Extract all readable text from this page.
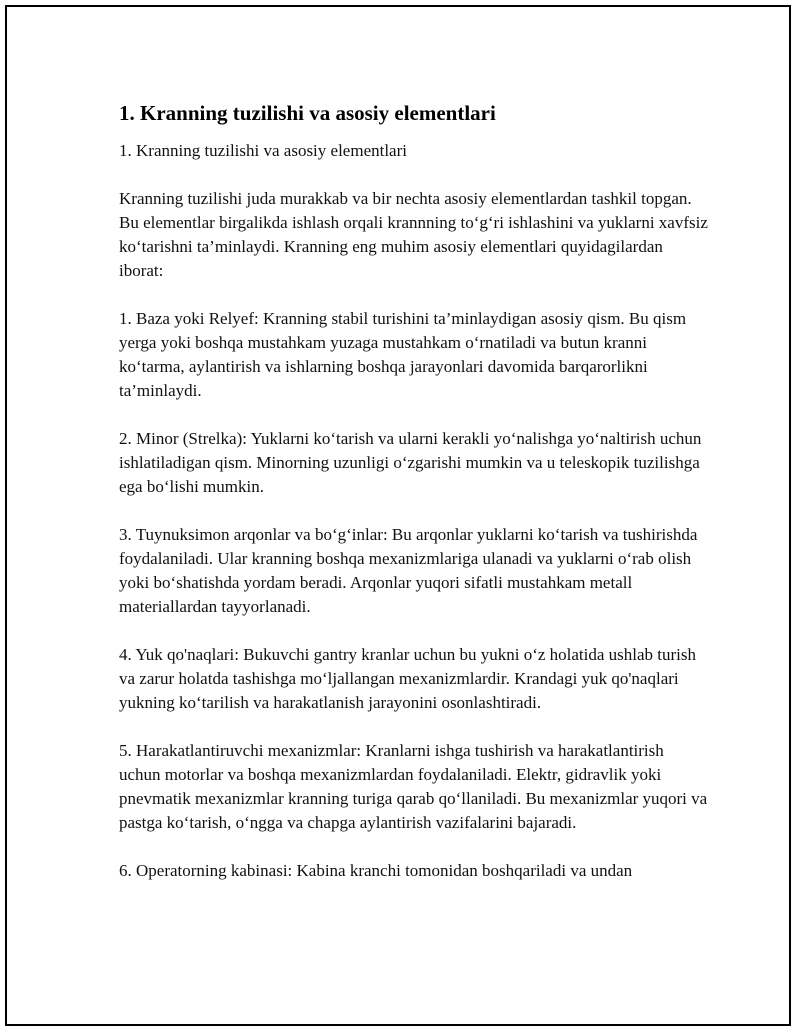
1. Kranning tuzilishi va asosiy elementlari

1. Kranning tuzilishi va asosiy elementlari

Kranning tuzilishi juda murakkab va bir nechta asosiy elementlardan tashkil topgan. Bu elementlar birgalikda ishlash orqali krannning to‘g‘ri ishlashini va yuklarni xavfsiz ko‘tarishni ta’minlaydi. Kranning eng muhim asosiy elementlari quyidagilardan iborat:

1. Baza yoki Relyef: Kranning stabil turishini ta’minlaydigan asosiy qism. Bu qism yerga yoki boshqa mustahkam yuzaga mustahkam o‘rnatiladi va butun kranni ko‘tarma, aylantirish va ishlarning boshqa jarayonlari davomida barqarorlikni ta’minlaydi.

2. Minor (Strelka): Yuklarni ko‘tarish va ularni kerakli yo‘nalishga yo‘naltirish uchun ishlatiladigan qism. Minorning uzunligi o‘zgarishi mumkin va u teleskopik tuzilishga ega bo‘lishi mumkin.

3. Tuynuksimon arqonlar va bo‘g‘inlar: Bu arqonlar yuklarni ko‘tarish va tushirishda foydalaniladi. Ular kranning boshqa mexanizmlariga ulanadi va yuklarni o‘rab olish yoki bo‘shatishda yordam beradi. Arqonlar yuqori sifatli mustahkam metall materiallardan tayyorlanadi.

4. Yuk qo'naqlari: Bukuvchi gantry kranlar uchun bu yukni o‘z holatida ushlab turish va zarur holatda tashishga mo‘ljallangan mexanizmlardir. Krandagi yuk qo'naqlari yukning ko‘tarilish va harakatlanish jarayonini osonlashtiradi.

5. Harakatlantiruvchi mexanizmlar: Kranlarni ishga tushirish va harakatlantirish uchun motorlar va boshqa mexanizmlardan foydalaniladi. Elektr, gidravlik yoki pnevmatik mexanizmlar kranning turiga qarab qo‘llaniladi. Bu mexanizmlar yuqori va pastga ko‘tarish, o‘ngga va chapga aylantirish vazifalarini bajaradi.

6. Operatorning kabinasi: Kabina kranchi tomonidan boshqariladi va undan
